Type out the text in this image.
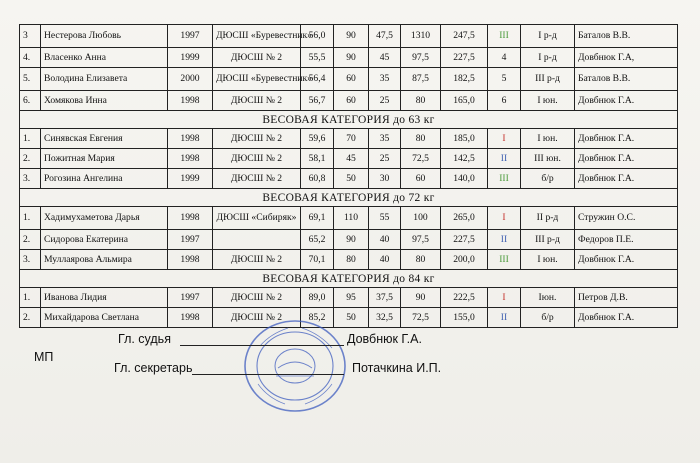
3	Нестерова Любовь	1997	ДЮСШ «Буревестник»	56,0	90	47,5	1310	247,5	III	I р-д	Баталов В.В.
4.	Власенко Анна	1999	ДЮСШ № 2	55,5	90	45	97,5	227,5	4	I р-д	Довбнюк Г.А,
5.	Володина Елизавета	2000	ДЮСШ «Буревестник»	56,4	60	35	87,5	182,5	5	III р-д	Баталов В.В.
6.	Хомякова Инна	1998	ДЮСШ № 2	56,7	60	25	80	165,0	6	I юн.	Довбнюк Г.А.
ВЕСОВАЯ КАТЕГОРИЯ до 63 кг											
1.	Синявская Евгения	1998	ДЮСШ № 2	59,6	70	35	80	185,0	I	I юн.	Довбнюк Г.А.
2.	Пожитная Мария	1998	ДЮСШ № 2	58,1	45	25	72,5	142,5	II	III юн.	Довбнюк Г.А.
3.	Рогозина Ангелина	1999	ДЮСШ № 2	60,8	50	30	60	140,0	III	б/р	Довбнюк Г.А.
ВЕСОВАЯ КАТЕГОРИЯ до 72 кг											
1.	Хадимухаметова Дарья	1998	ДЮСШ «Сибиряк»	69,1	110	55	100	265,0	I	II р-д	Стружин О.С.
2.	Сидорова Екатерина	1997		65,2	90	40	97,5	227,5	II	III р-д	Федоров П.Е.
3.	Муллаярова Альмира	1998	ДЮСШ № 2	70,1	80	40	80	200,0	III	I юн.	Довбнюк Г.А.
ВЕСОВАЯ КАТЕГОРИЯ до 84 кг											
1.	Иванова Лидия	1997	ДЮСШ № 2	89,0	95	37,5	90	222,5	I	Iюн.	Петров Д.В.
2.	Михайдарова Светлана	1998	ДЮСШ № 2	85,2	50	32,5	72,5	155,0	II	б/р	Довбнюк Г.А.
МП
Гл. судья	Довбнюк Г.А.
Гл. секретарь	Потачкина И.П.
